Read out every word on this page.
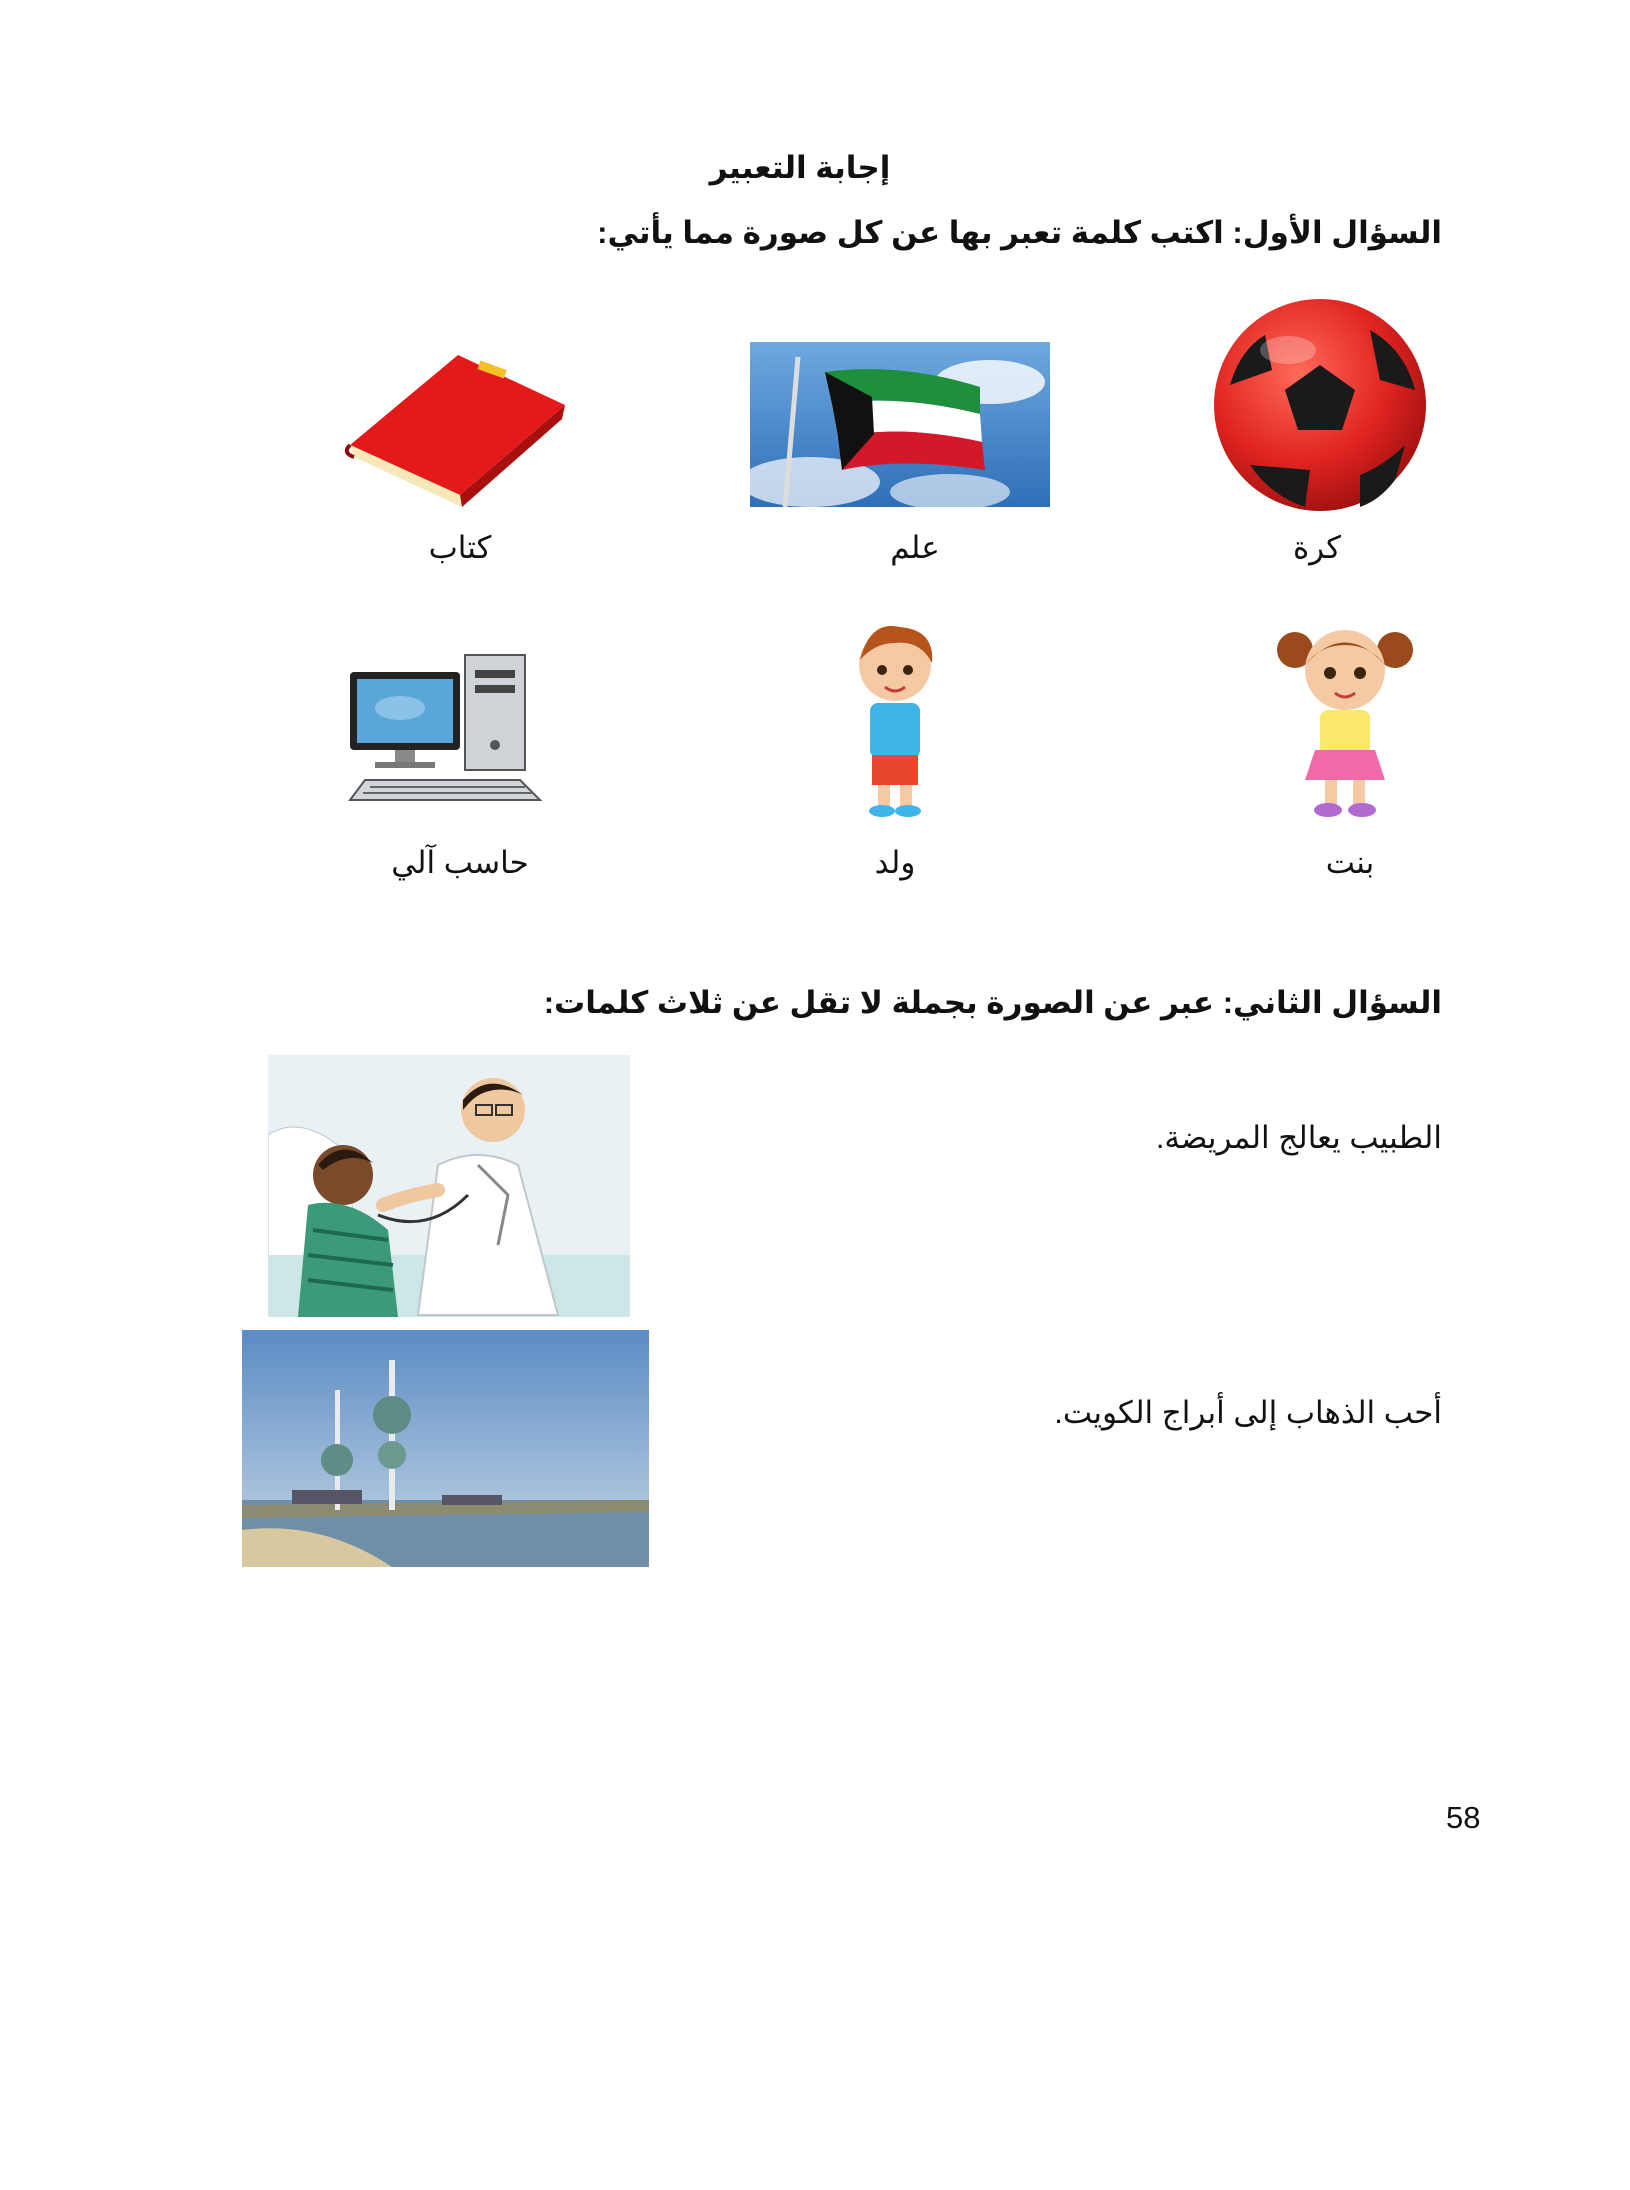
إجابة التعبير
السؤال الأول: اكتب كلمة تعبر بها عن كل صورة مما يأتي:
كرة
علم
كتاب
بنت
ولد
حاسب آلي
السؤال الثاني: عبر عن الصورة بجملة لا تقل عن ثلاث كلمات:
الطبيب يعالج المريضة.
أحب الذهاب إلى أبراج الكويت.
58
